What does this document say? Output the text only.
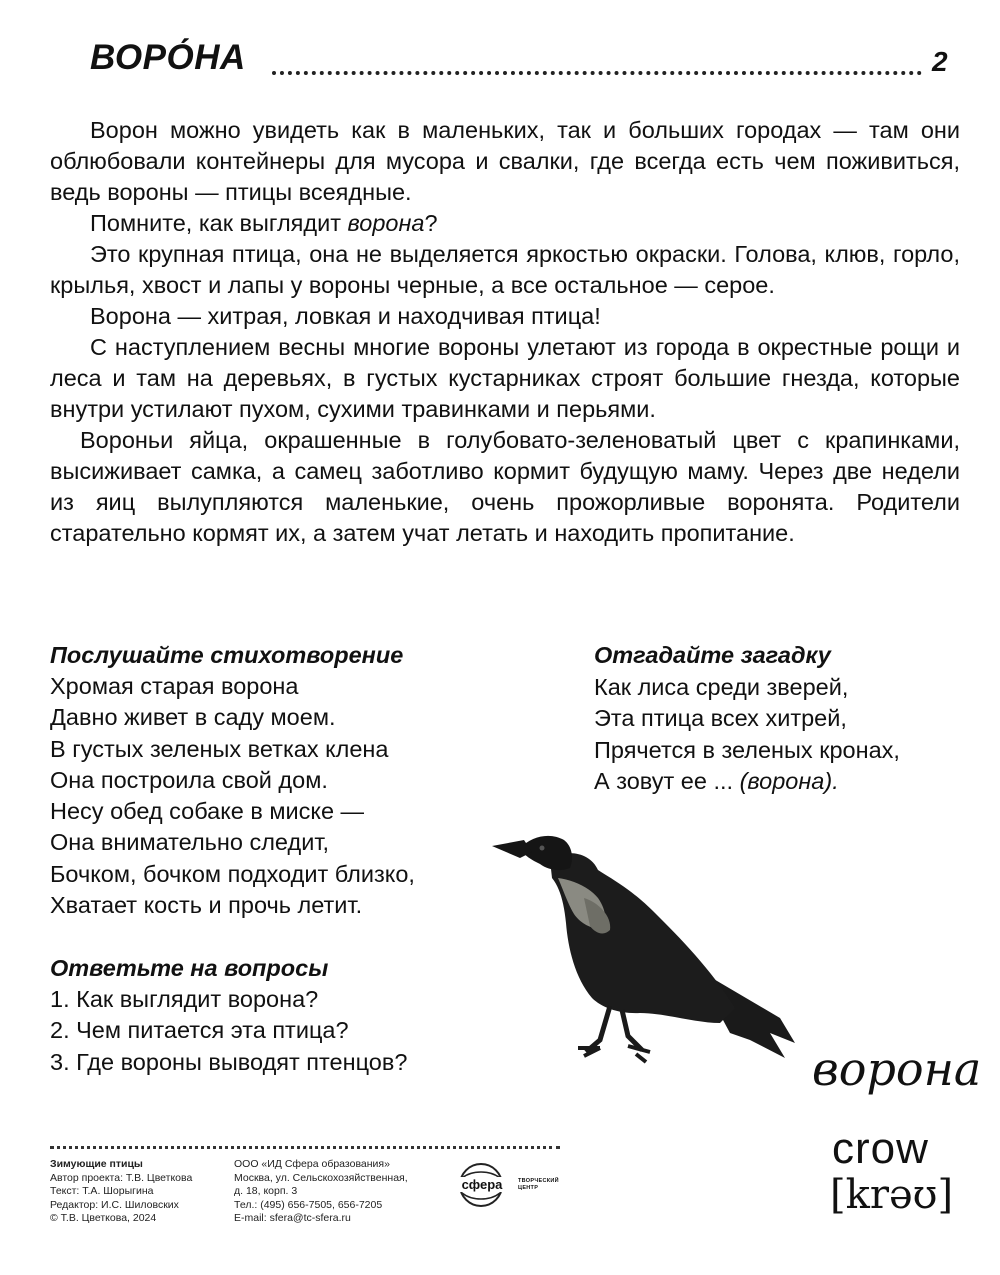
ВОРО́НА	2

Ворон можно увидеть как в маленьких, так и больших городах — там они облюбовали контейнеры для мусора и свалки, где всегда есть чем поживиться, ведь вороны — птицы всеядные.

Помните, как выглядит ворона?

Это крупная птица, она не выделяется яркостью окраски. Голова, клюв, горло, крылья, хвост и лапы у вороны черные, а все остальное — серое.

Ворона — хитрая, ловкая и находчивая птица!

С наступлением весны многие вороны улетают из города в окрестные рощи и леса и там на деревьях, в густых кустарниках строят большие гнезда, которые внутри устилают пухом, сухими травинками и перьями.

Вороньи яйца, окрашенные в голубовато-зеленоватый цвет с крапинками, высиживает самка, а самец заботливо кормит будущую маму. Через две недели из яиц вылупляются маленькие, очень прожорливые воронята. Родители старательно кормят их, а затем учат летать и находить пропитание.

Послушайте стихотворение
Хромая старая ворона
Давно живет в саду моем.
В густых зеленых ветках клена
Она построила свой дом.
Несу обед собаке в миске —
Она внимательно следит,
Бочком, бочком подходит близко,
Хватает кость и прочь летит.
Отгадайте загадку
Как лиса среди зверей,
Эта птица всех хитрей,
Прячется в зеленых кронах,
А зовут ее ... (ворона).
Ответьте на вопросы
1. Как выглядит ворона?
2. Чем питается эта птица?
3. Где вороны выводят птенцов?	ворона
crow
[krəʊ]
Зимующие птицы
Автор проекта: Т.В. Цветкова
Текст: Т.А. Шорыгина
Редактор: И.С. Шиловских
© Т.В. Цветкова, 2024
ООО «ИД Сфера образования»
Москва, ул. Сельскохозяйственная,
д. 18, корп. 3
Тел.: (495) 656-7505, 656-7205
E-mail: sfera@tc-sfera.ru
сфера	ТВОРЧЕСКИЙ
ЦЕНТР
